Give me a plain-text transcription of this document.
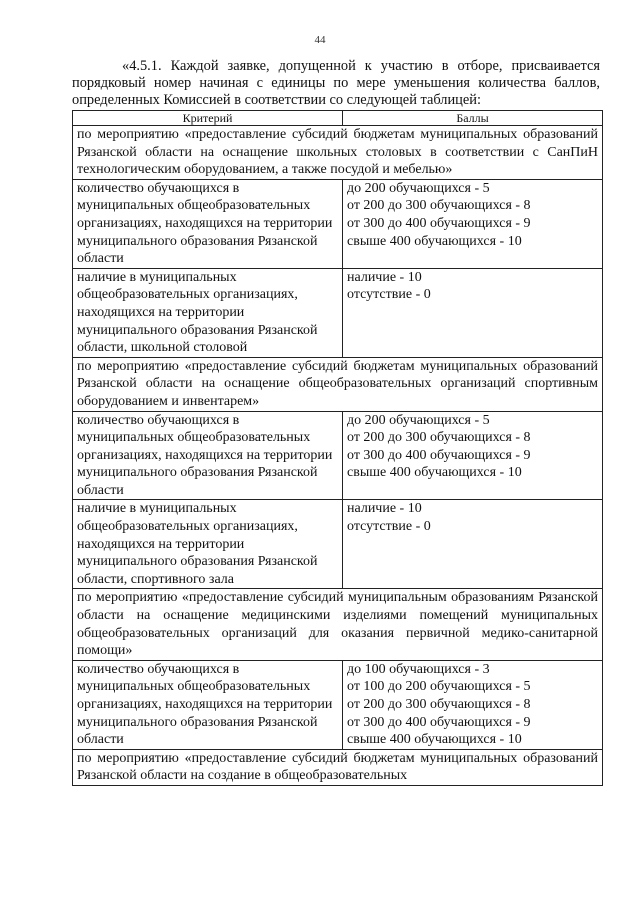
44
«4.5.1. Каждой заявке, допущенной к участию в отборе, присваивается порядковый номер начиная с единицы по мере уменьшения количества баллов, определенных Комиссией в соответствии со следующей таблицей:
Критерий	Баллы
по мероприятию «предоставление субсидий бюджетам муниципальных образований Рязанской области на оснащение школьных столовых в соответствии с СанПиН технологическим оборудованием, а также посудой и мебелью»	
количество обучающихся в муниципальных общеобразовательных организациях, находящихся на территории муниципального образования Рязанской области	до 200 обучающихся - 5
от 200 до 300 обучающихся - 8
от 300 до 400 обучающихся - 9
свыше 400 обучающихся - 10

наличие в муниципальных общеобразовательных организациях, находящихся на территории муниципального образования Рязанской области, школьной столовой	наличие - 10
отсутствие - 0

по мероприятию «предоставление субсидий бюджетам муниципальных образований Рязанской области на оснащение общеобразовательных организаций спортивным оборудованием и инвентарем»	
количество обучающихся в муниципальных общеобразовательных организациях, находящихся на территории муниципального образования Рязанской области	до 200 обучающихся - 5
от 200 до 300 обучающихся - 8
от 300 до 400 обучающихся - 9
свыше 400 обучающихся - 10

наличие в муниципальных общеобразовательных организациях, находящихся на территории муниципального образования Рязанской области, спортивного зала	наличие - 10
отсутствие - 0

по мероприятию «предоставление субсидий муниципальным образованиям Рязанской области на оснащение медицинскими изделиями помещений муниципальных общеобразовательных организаций для оказания первичной медико-санитарной помощи»	
количество обучающихся в муниципальных общеобразовательных организациях, находящихся на территории муниципального образования Рязанской области	до 100 обучающихся - 3
от 100 до 200 обучающихся - 5
от 200 до 300 обучающихся - 8
от 300 до 400 обучающихся - 9
свыше 400 обучающихся - 10

по мероприятию «предоставление субсидий бюджетам муниципальных образований Рязанской области на создание в общеобразовательных	
